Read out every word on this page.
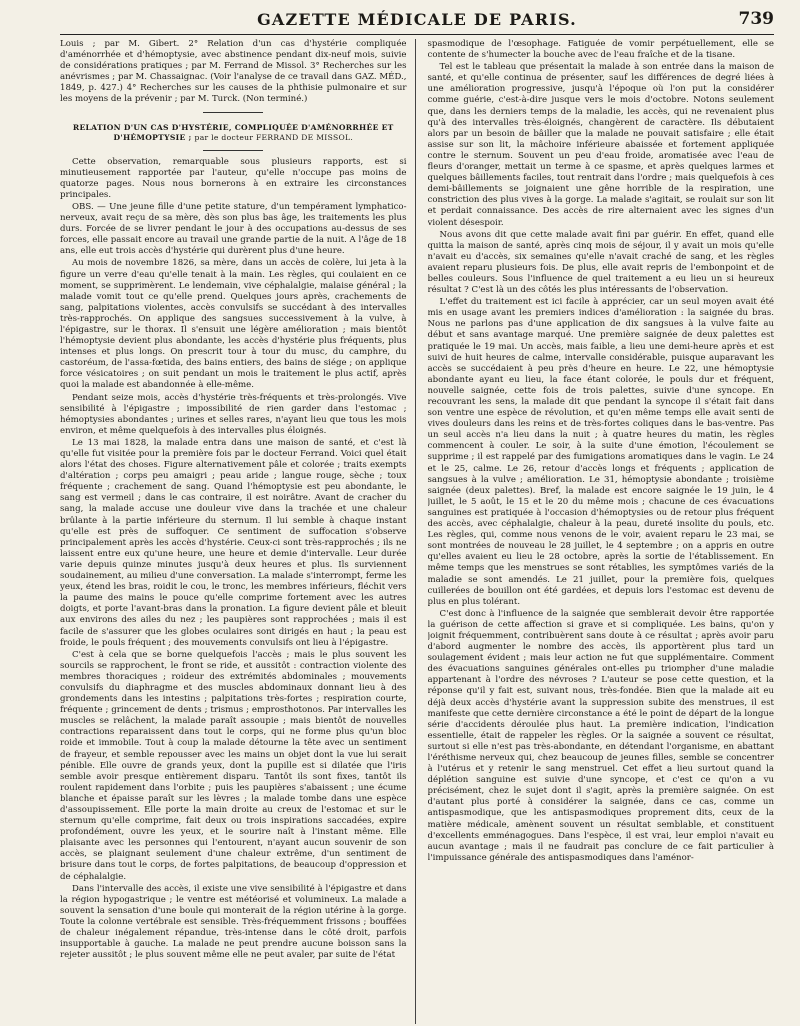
GAZETTE MÉDICALE DE PARIS.	739

Louis ; par M. Gibert. 2° Relation d'un cas d'hystérie compliquée d'aménorrhée et d'hémoptysie, avec abstinence pendant dix-neuf mois, suivie de considérations pratiques ; par M. Ferrand de Missol. 3° Recherches sur les anévrismes ; par M. Chassaignac. (Voir l'analyse de ce travail dans GAZ. MÉD., 1849, p. 427.) 4° Recherches sur les causes de la phthisie pulmonaire et sur les moyens de la prévenir ; par M. Turck. (Non terminé.)

RELATION D'UN CAS D'HYSTÉRIE, COMPLIQUÉE D'AMÉNORRHÉE ET D'HÉMOPTYSIE ; par le docteur FERRAND DE MISSOL.

Cette observation, remarquable sous plusieurs rapports, est si minutieusement rapportée par l'auteur, qu'elle n'occupe pas moins de quatorze pages. Nous nous bornerons à en extraire les circonstances principales.

OBS. — Une jeune fille d'une petite stature, d'un tempérament lymphatico-nerveux, avait reçu de sa mère, dès son plus bas âge, les traitements les plus durs. Forcée de se livrer pendant le jour à des occupations au-dessus de ses forces, elle passait encore au travail une grande partie de la nuit. A l'âge de 18 ans, elle eut trois accès d'hystérie qui durèrent plus d'une heure.

Au mois de novembre 1826, sa mère, dans un accès de colère, lui jeta à la figure un verre d'eau qu'elle tenait à la main. Les règles, qui coulaient en ce moment, se supprimèrent. Le lendemain, vive céphalalgie, malaise général ; la malade vomit tout ce qu'elle prend. Quelques jours après, crachements de sang, palpitations violentes, accès convulsifs se succédant à des intervalles très-rapprochés. On applique des sangsues successivement à la vulve, à l'épigastre, sur le thorax. Il s'ensuit une légère amélioration ; mais bientôt l'hémoptysie devient plus abondante, les accès d'hystérie plus fréquents, plus intenses et plus longs. On prescrit tour à tour du musc, du camphre, du castoréum, de l'assa-fœtida, des bains entiers, des bains de siége ; on applique force vésicatoires ; on suit pendant un mois le traitement le plus actif, après quoi la malade est abandonnée à elle-même.

Pendant seize mois, accès d'hystérie très-fréquents et très-prolongés. Vive sensibilité à l'épigastre ; impossibilité de rien garder dans l'estomac ; hémoptysies abondantes ; urines et selles rares, n'ayant lieu que tous les mois environ, et même quelquefois à des intervalles plus éloignés.

Le 13 mai 1828, la malade entra dans une maison de santé, et c'est là qu'elle fut visitée pour la première fois par le docteur Ferrand. Voici quel était alors l'état des choses. Figure alternativement pâle et colorée ; traits exempts d'altération ; corps peu amaigri ; peau aride ; langue rouge, sèche ; toux fréquente ; crachement de sang. Quand l'hémoptysie est peu abondante, le sang est vermeil ; dans le cas contraire, il est noirâtre. Avant de cracher du sang, la malade accuse une douleur vive dans la trachée et une chaleur brûlante à la partie inférieure du sternum. Il lui semble à chaque instant qu'elle est près de suffoquer. Ce sentiment de suffocation s'observe principalement après les accès d'hystérie. Ceux-ci sont très-rapprochés ; ils ne laissent entre eux qu'une heure, une heure et demie d'intervalle. Leur durée varie depuis quinze minutes jusqu'à deux heures et plus. Ils surviennent soudainement, au milieu d'une conversation. La malade s'interrompt, ferme les yeux, étend les bras, roidit le cou, le tronc, les membres inférieurs, fléchit vers la paume des mains le pouce qu'elle comprime fortement avec les autres doigts, et porte l'avant-bras dans la pronation. La figure devient pâle et bleuit aux environs des ailes du nez ; les paupières sont rapprochées ; mais il est facile de s'assurer que les globes oculaires sont dirigés en haut ; la peau est froide, le pouls fréquent ; des mouvements convulsifs ont lieu à l'épigastre.

C'est à cela que se borne quelquefois l'accès ; mais le plus souvent les sourcils se rapprochent, le front se ride, et aussitôt : contraction violente des membres thoraciques ; roideur des extrémités abdominales ; mouvements convulsifs du diaphragme et des muscles abdominaux donnant lieu à des grondements dans les intestins ; palpitations très-fortes ; respiration courte, fréquente ; grincement de dents ; trismus ; emprosthotonos. Par intervalles les muscles se relâchent, la malade paraît assoupie ; mais bientôt de nouvelles contractions reparaissent dans tout le corps, qui ne forme plus qu'un bloc roide et immobile. Tout à coup la malade détourne la tête avec un sentiment de frayeur, et semble repousser avec les mains un objet dont la vue lui serait pénible. Elle ouvre de grands yeux, dont la pupille est si dilatée que l'iris semble avoir presque entièrement disparu. Tantôt ils sont fixes, tantôt ils roulent rapidement dans l'orbite ; puis les paupières s'abaissent ; une écume blanche et épaisse paraît sur les lèvres ; la malade tombe dans une espèce d'assoupissement. Elle porte la main droite au creux de l'estomac et sur le sternum qu'elle comprime, fait deux ou trois inspirations saccadées, expire profondément, ouvre les yeux, et le sourire naît à l'instant même. Elle plaisante avec les personnes qui l'entourent, n'ayant aucun souvenir de son accès, se plaignant seulement d'une chaleur extrême, d'un sentiment de brisure dans tout le corps, de fortes palpitations, de beaucoup d'oppression et de céphalalgie.

Dans l'intervalle des accès, il existe une vive sensibilité à l'épigastre et dans la région hypogastrique ; le ventre est météorisé et volumineux. La malade a souvent la sensation d'une boule qui monterait de la région utérine à la gorge. Toute la colonne vertébrale est sensible. Très-fréquemment frissons ; bouffées de chaleur inégalement répandue, très-intense dans le côté droit, parfois insupportable à gauche. La malade ne peut prendre aucune boisson sans la rejeter aussitôt ; le plus souvent même elle ne peut avaler, par suite de l'état

spasmodique de l'œsophage. Fatiguée de vomir perpétuellement, elle se contente de s'humecter la bouche avec de l'eau fraîche et de la tisane.

Tel est le tableau que présentait la malade à son entrée dans la maison de santé, et qu'elle continua de présenter, sauf les différences de degré liées à une amélioration progressive, jusqu'à l'époque où l'on put la considérer comme guérie, c'est-à-dire jusque vers le mois d'octobre. Notons seulement que, dans les derniers temps de la maladie, les accès, qui ne revenaient plus qu'à des intervalles très-éloignés, changèrent de caractère. Ils débutaient alors par un besoin de bâiller que la malade ne pouvait satisfaire ; elle était assise sur son lit, la mâchoire inférieure abaissée et fortement appliquée contre le sternum. Souvent un peu d'eau froide, aromatisée avec l'eau de fleurs d'oranger, mettait un terme à ce spasme, et après quelques larmes et quelques bâillements faciles, tout rentrait dans l'ordre ; mais quelquefois à ces demi-bâillements se joignaient une gêne horrible de la respiration, une constriction des plus vives à la gorge. La malade s'agitait, se roulait sur son lit et perdait connaissance. Des accès de rire alternaient avec les signes d'un violent désespoir.

Nous avons dit que cette malade avait fini par guérir. En effet, quand elle quitta la maison de santé, après cinq mois de séjour, il y avait un mois qu'elle n'avait eu d'accès, six semaines qu'elle n'avait craché de sang, et les règles avaient reparu plusieurs fois. De plus, elle avait repris de l'embonpoint et de belles couleurs. Sous l'influence de quel traitement a eu lieu un si heureux résultat ? C'est là un des côtés les plus intéressants de l'observation.

L'effet du traitement est ici facile à apprécier, car un seul moyen avait été mis en usage avant les premiers indices d'amélioration : la saignée du bras. Nous ne parlons pas d'une application de dix sangsues à la vulve faite au début et sans avantage marqué. Une première saignée de deux palettes est pratiquée le 19 mai. Un accès, mais faible, a lieu une demi-heure après et est suivi de huit heures de calme, intervalle considérable, puisque auparavant les accès se succédaient à peu près d'heure en heure. Le 22, une hémoptysie abondante ayant eu lieu, la face étant colorée, le pouls dur et fréquent, nouvelle saignée, cette fois de trois palettes, suivie d'une syncope. En recouvrant les sens, la malade dit que pendant la syncope il s'était fait dans son ventre une espèce de révolution, et qu'en même temps elle avait senti de vives douleurs dans les reins et de très-fortes coliques dans le bas-ventre. Pas un seul accès n'a lieu dans la nuit ; à quatre heures du matin, les règles commencent à couler. Le soir, à la suite d'une émotion, l'écoulement se supprime ; il est rappelé par des fumigations aromatiques dans le vagin. Le 24 et le 25, calme. Le 26, retour d'accès longs et fréquents ; application de sangsues à la vulve ; amélioration. Le 31, hémoptysie abondante ; troisième saignée (deux palettes). Bref, la malade est encore saignée le 19 juin, le 4 juillet, le 5 août, le 15 et le 20 du même mois ; chacune de ces évacuations sanguines est pratiquée à l'occasion d'hémoptysies ou de retour plus fréquent des accès, avec céphalalgie, chaleur à la peau, dureté insolite du pouls, etc. Les règles, qui, comme nous venons de le voir, avaient reparu le 23 mai, se sont montrées de nouveau le 28 juillet, le 4 septembre ; on a appris en outre qu'elles avaient eu lieu le 28 octobre, après la sortie de l'établissement. En même temps que les menstrues se sont rétablies, les symptômes variés de la maladie se sont amendés. Le 21 juillet, pour la première fois, quelques cuillerées de bouillon ont été gardées, et depuis lors l'estomac est devenu de plus en plus tolérant.

C'est donc à l'influence de la saignée que semblerait devoir être rapportée la guérison de cette affection si grave et si compliquée. Les bains, qu'on y joignit fréquemment, contribuèrent sans doute à ce résultat ; après avoir paru d'abord augmenter le nombre des accès, ils apportèrent plus tard un soulagement évident ; mais leur action ne fut que supplémentaire. Comment des évacuations sanguines générales ont-elles pu triompher d'une maladie appartenant à l'ordre des névroses ? L'auteur se pose cette question, et la réponse qu'il y fait est, suivant nous, très-fondée. Bien que la malade ait eu déjà deux accès d'hystérie avant la suppression subite des menstrues, il est manifeste que cette dernière circonstance a été le point de départ de la longue série d'accidents déroulée plus haut. La première indication, l'indication essentielle, était de rappeler les règles. Or la saignée a souvent ce résultat, surtout si elle n'est pas très-abondante, en détendant l'organisme, en abattant l'éréthisme nerveux qui, chez beaucoup de jeunes filles, semble se concentrer à l'utérus et y retenir le sang menstruel. Cet effet a lieu surtout quand la déplétion sanguine est suivie d'une syncope, et c'est ce qu'on a vu précisément, chez le sujet dont il s'agit, après la première saignée. On est d'autant plus porté à considérer la saignée, dans ce cas, comme un antispasmodique, que les antispasmodiques proprement dits, ceux de la matière médicale, amènent souvent un résultat semblable, et constituent d'excellents emménagogues. Dans l'espèce, il est vrai, leur emploi n'avait eu aucun avantage ; mais il ne faudrait pas conclure de ce fait particulier à l'impuissance générale des antispasmodiques dans l'aménor-
